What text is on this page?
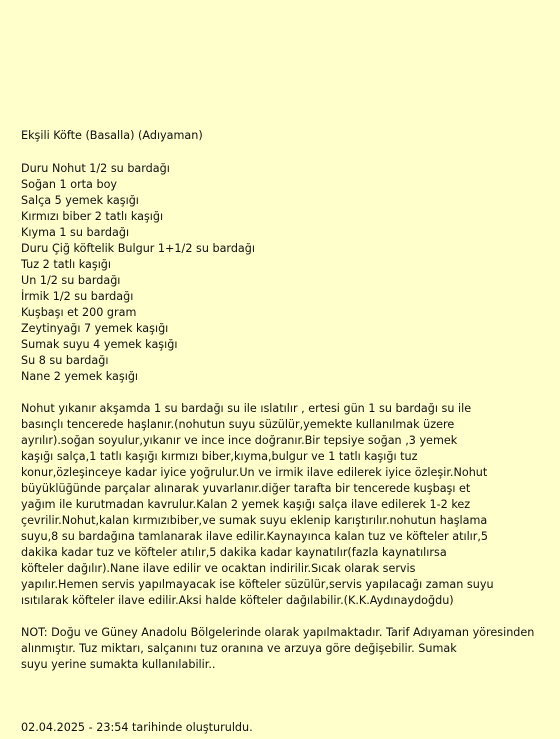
Ekşili Köfte (Basalla) (Adıyaman)
Duru Nohut 1/2 su bardağı
Soğan 1 orta boy
Salça 5 yemek kaşığı
Kırmızı biber 2 tatlı kaşığı
Kıyma 1 su bardağı
Duru Çiğ köftelik Bulgur 1+1/2 su bardağı
Tuz 2 tatlı kaşığı
Un 1/2 su bardağı
İrmik 1/2 su bardağı
Kuşbaşı et 200 gram
Zeytinyağı 7 yemek kaşığı
Sumak suyu 4 yemek kaşığı
Su 8 su bardağı
Nane 2 yemek kaşığı
Nohut yıkanır akşamda 1 su bardağı su ile ıslatılır , ertesi gün 1 su bardağı su ile
basınçlı tencerede haşlanır.(nohutun suyu süzülür,yemekte kullanılmak üzere
ayrılır).soğan soyulur,yıkanır ve ince ince doğranır.Bir tepsiye soğan ,3 yemek
kaşığı salça,1 tatlı kaşığı kırmızı biber,kıyma,bulgur ve 1 tatlı kaşığı tuz
konur,özleşinceye kadar iyice yoğrulur.Un ve irmik ilave edilerek iyice özleşir.Nohut
büyüklüğünde parçalar alınarak yuvarlanır.diğer tarafta bir tencerede kuşbaşı et
yağım ile kurutmadan kavrulur.Kalan 2 yemek kaşığı salça ilave edilerek 1-2 kez
çevrilir.Nohut,kalan kırmızıbiber,ve sumak suyu eklenip karıştırılır.nohutun haşlama
suyu,8 su bardağına tamlanarak ilave edilir.Kaynayınca kalan tuz ve köfteler atılır,5
dakika kadar tuz ve köfteler atılır,5 dakika kadar kaynatılır(fazla kaynatılırsa
köfteler dağılır).Nane ilave edilir ve ocaktan indirilir.Sıcak olarak servis
yapılır.Hemen servis yapılmayacak ise köfteler süzülür,servis yapılacağı zaman suyu
ısıtılarak köfteler ilave edilir.Aksi halde köfteler dağılabilir.(K.K.Aydınaydoğdu)
NOT: Doğu ve Güney Anadolu Bölgelerinde olarak yapılmaktadır. Tarif Adıyaman yöresinden
alınmıştır. Tuz miktarı, salçanını tuz oranına ve arzuya göre değişebilir. Sumak
suyu yerine sumakta kullanılabilir..
02.04.2025 - 23:54 tarihinde oluşturuldu.
